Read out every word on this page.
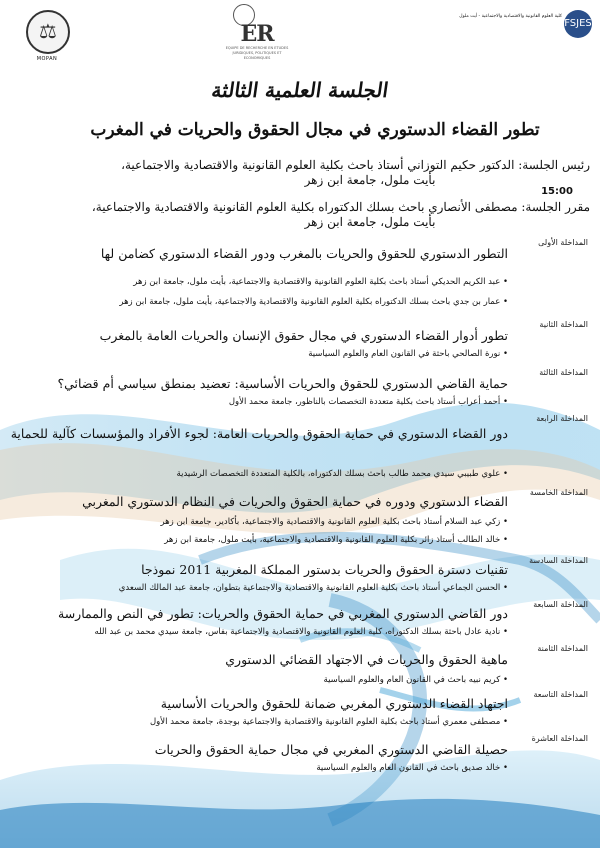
⚖
MOPAN
ER
EQUIPE DE RECHERCHE EN ETUDES JURIDIQUES, POLITIQUES ET ECONOMIQUES
كلية العلوم القانونية والاقتصادية والاجتماعية - أيت ملول
FSJES
الجلسة العلمية الثالثة
تطور القضاء الدستوري في مجال الحقوق والحريات في المغرب
رئيس الجلسة: الدكتور حكيم التوزاني أستاذ باحث بكلية العلوم القانونية والاقتصادية والاجتماعية،
بأيت ملول، جامعة ابن زهر
15:00
مقرر الجلسة: مصطفى الأنصاري باحث بسلك الدكتوراه بكلية العلوم القانونية والاقتصادية والاجتماعية،
بأيت ملول، جامعة ابن زهر
المداخلة الأولى
التطور الدستوري للحقوق والحريات بالمغرب ودور القضاء الدستوري كضامن لها
• عبد الكريم الحديكي أستاذ باحث بكلية العلوم القانونية والاقتصادية والاجتماعية، بأيت ملول، جامعة ابن زهر
• عمار بن جدي باحث بسلك الدكتوراه بكلية العلوم القانونية والاقتصادية والاجتماعية، بأيت ملول، جامعة ابن زهر
المداخلة الثانية
تطور أدوار القضاء الدستوري في مجال حقوق الإنسان والحريات العامة بالمغرب
• نورة الصالحي باحثة في القانون العام والعلوم السياسية
المداخلة الثالثة
حماية القاضي الدستوري للحقوق والحريات الأساسية: تعضيد بمنطق سياسي أم قضائي؟
• أحمد أعراب أستاذ باحث بكلية متعددة التخصصات بالناظور، جامعة محمد الأول
المداخلة الرابعة
دور القضاء الدستوري في حماية الحقوق والحريات العامة: لجوء الأفراد والمؤسسات كآلية للحماية
• علوي طبيبي سيدي محمد طالب باحث بسلك الدكتوراه، بالكلية المتعددة التخصصات الرشيدية
المداخلة الخامسة
القضاء الدستوري ودوره في حماية الحقوق والحريات في النظام الدستوري المغربي
• زكي عبد السلام أستاذ باحث بكلية العلوم القانونية والاقتصادية والاجتماعية، بأكادير، جامعة ابن زهر
• خالد الطالب أستاذ زائر بكلية العلوم القانونية والاقتصادية والاجتماعية، بأيت ملول، جامعة ابن زهر
المداخلة السادسة
تقنيات دسترة الحقوق والحريات بدستور المملكة المغربية 2011 نموذجا
• الحسن الجماعي أستاذ باحث بكلية العلوم القانونية والاقتصادية والاجتماعية بتطوان، جامعة عبد المالك السعدي
المداخلة السابعة
دور القاضي الدستوري المغربي في حماية الحقوق والحريات: تطور في النص والممارسة
• نادية عادل باحثة بسلك الدكتوراه، كلية العلوم القانونية والاقتصادية والاجتماعية بفاس، جامعة سيدي محمد بن عبد الله
المداخلة الثامنة
ماهية الحقوق والحريات في الاجتهاد القضائي الدستوري
• كريم نبيه باحث في القانون العام والعلوم السياسية
المداخلة التاسعة
اجتهاد القضاء الدستوري المغربي ضمانة للحقوق والحريات الأساسية
• مصطفى معمري أستاذ باحث بكلية العلوم القانونية والاقتصادية والاجتماعية بوجدة، جامعة محمد الأول
المداخلة العاشرة
حصيلة القاضي الدستوري المغربي في مجال حماية الحقوق والحريات
• خالد صديق باحث في القانون العام والعلوم السياسية
